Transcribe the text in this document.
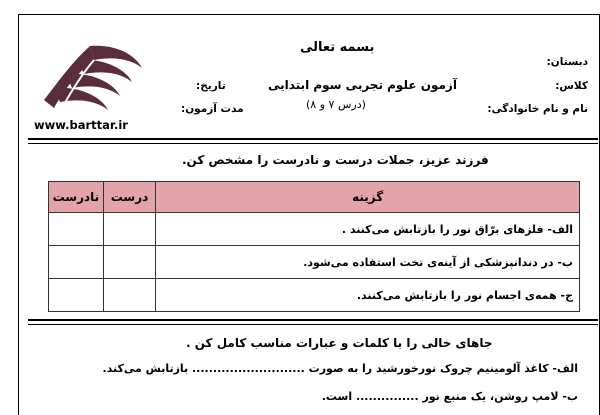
بسمه تعالی
دبستان:
کلاس:
نام و نام خانوادگی:
آزمون علوم تجربی سوم ابتدایی
(درس ۷ و ۸)
تاریخ:
مدت آزمون:
www.barttar.ir
فرزند عزیز، جملات درست و نادرست را مشخص کن.
گزینه	درست	نادرست
الف- فلزهای برّاق نور را بازتابش می‌کنند .		
ب- در دندانپزشکی از آینه‌ی تخت استفاده می‌شود.		
ج- همه‌ی اجسام نور را بازتابش می‌کنند.		
جاهای خالی را با کلمات و عبارات مناسب کامل کن .
الف- کاغذ آلومینیم چروک نورخورشید را به صورت ........................... بازتابش می‌کند.
ب- لامپ روشن، یک منبع نور ............... است.
